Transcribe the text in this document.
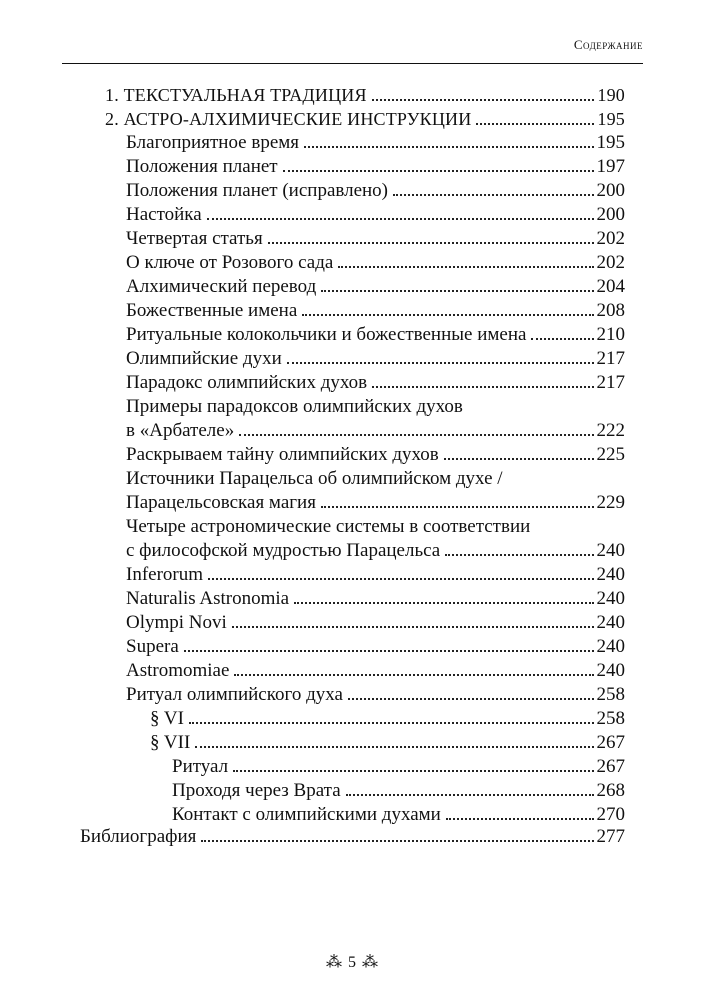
Содержание
1. ТЕКСТУАЛЬНАЯ ТРАДИЦИЯ	190
2. АСТРО-АЛХИМИЧЕСКИЕ ИНСТРУКЦИИ	195
Благоприятное время	195
Положения планет	197
Положения планет (исправлено)	200
Настойка	200
Четвертая статья	202
О ключе от Розового сада	202
Алхимический перевод	204
Божественные имена	208
Ритуальные колокольчики и божественные имена	210
Олимпийские духи	217
Парадокс олимпийских духов	217
Примеры парадоксов олимпийских духов
в «Арбателе»	222
Раскрываем тайну олимпийских духов	225
Источники Парацельса об олимпийском духе /
Парацельсовская магия	229
Четыре астрономические системы в соответствии
с философской мудростью Парацельса	240
Inferorum	240
Naturalis Astronomia	240
Olympi Novi	240
Supera	240
Astromomiae	240
Ритуал олимпийского духа	258
§ VI	258
§ VII	267
Ритуал	267
Проходя через Врата	268
Контакт с олимпийскими духами	270
Библиография	277
⁂ 5 ⁂
